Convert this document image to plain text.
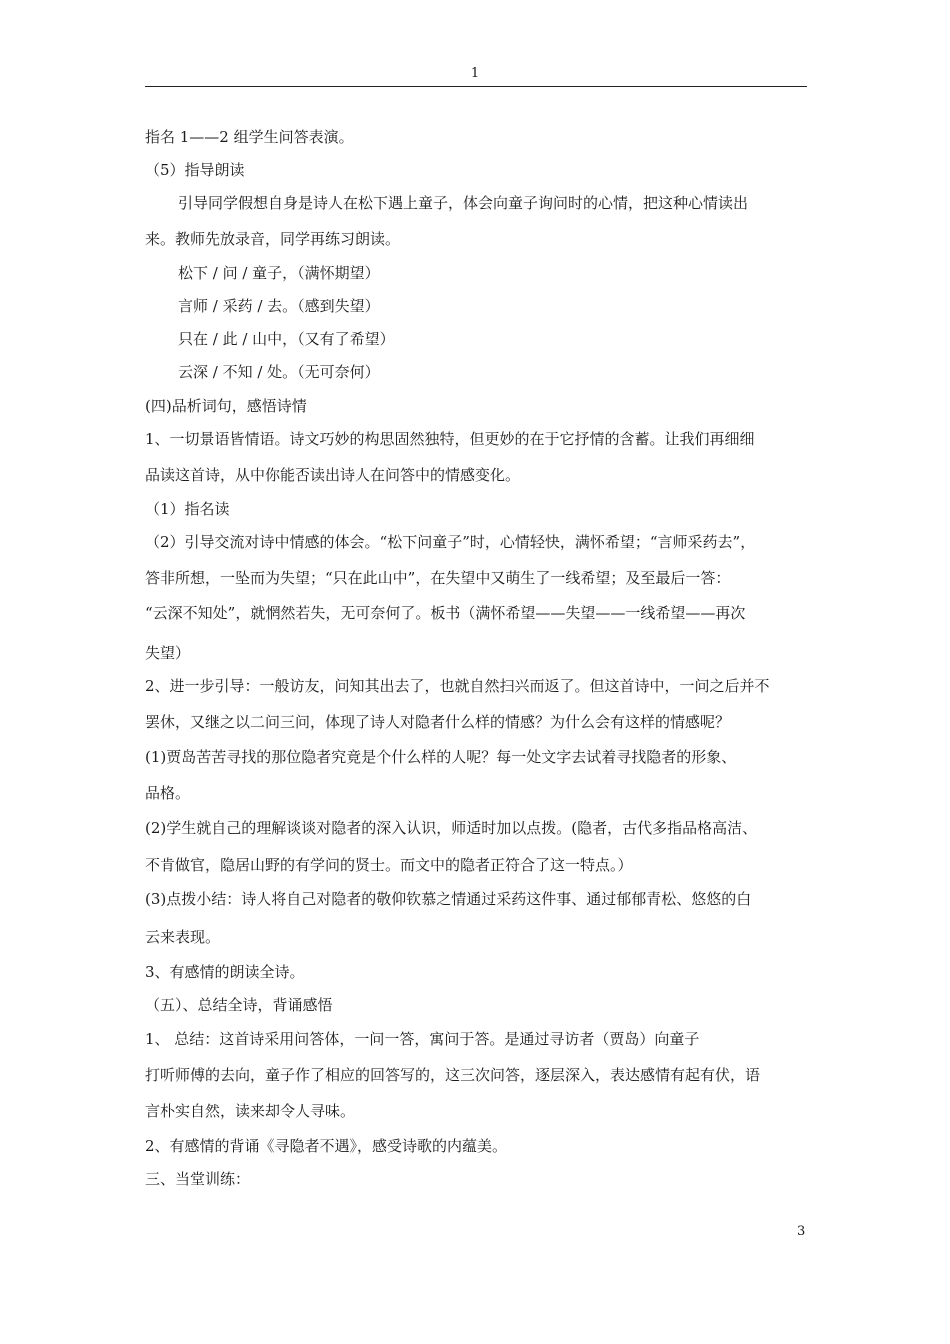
1
指名 1——2 组学生问答表演。
（5）指导朗读
引导同学假想自身是诗人在松下遇上童子，体会向童子询问时的心情，把这种心情读出
来。教师先放录音，同学再练习朗读。
松下 / 问 / 童子，（满怀期望）
言师 / 采药 / 去。（感到失望）
只在 / 此 / 山中，（又有了希望）
云深 / 不知 / 处。（无可奈何）
(四)品析词句，感悟诗情
1、一切景语皆情语。诗文巧妙的构思固然独特，但更妙的在于它抒情的含蓄。让我们再细细
品读这首诗，从中你能否读出诗人在问答中的情感变化。
（1）指名读
（2）引导交流对诗中情感的体会。“松下问童子”时，心情轻快，满怀希望；“言师采药去”，
答非所想，一坠而为失望；“只在此山中”，在失望中又萌生了一线希望；及至最后一答：
“云深不知处”，就惘然若失，无可奈何了。板书（满怀希望——失望——一线希望——再次
失望）
2、进一步引导：一般访友，问知其出去了，也就自然扫兴而返了。但这首诗中，一问之后并不
罢休，又继之以二问三问，体现了诗人对隐者什么样的情感？为什么会有这样的情感呢？
(1)贾岛苦苦寻找的那位隐者究竟是个什么样的人呢？每一处文字去试着寻找隐者的形象、
品格。
(2)学生就自己的理解谈谈对隐者的深入认识，师适时加以点拨。(隐者，古代多指品格高洁、
不肯做官，隐居山野的有学问的贤士。而文中的隐者正符合了这一特点。）
(3)点拨小结：诗人将自己对隐者的敬仰钦慕之情通过采药这件事、通过郁郁青松、悠悠的白
云来表现。
3、有感情的朗读全诗。
（五）、总结全诗，背诵感悟
1、 总结：这首诗采用问答体，一问一答，寓问于答。是通过寻访者（贾岛）向童子
打听师傅的去向，童子作了相应的回答写的，这三次问答，逐层深入，表达感情有起有伏，语
言朴实自然，读来却令人寻味。
2、有感情的背诵《寻隐者不遇》，感受诗歌的内蕴美。
三、当堂训练：
3
